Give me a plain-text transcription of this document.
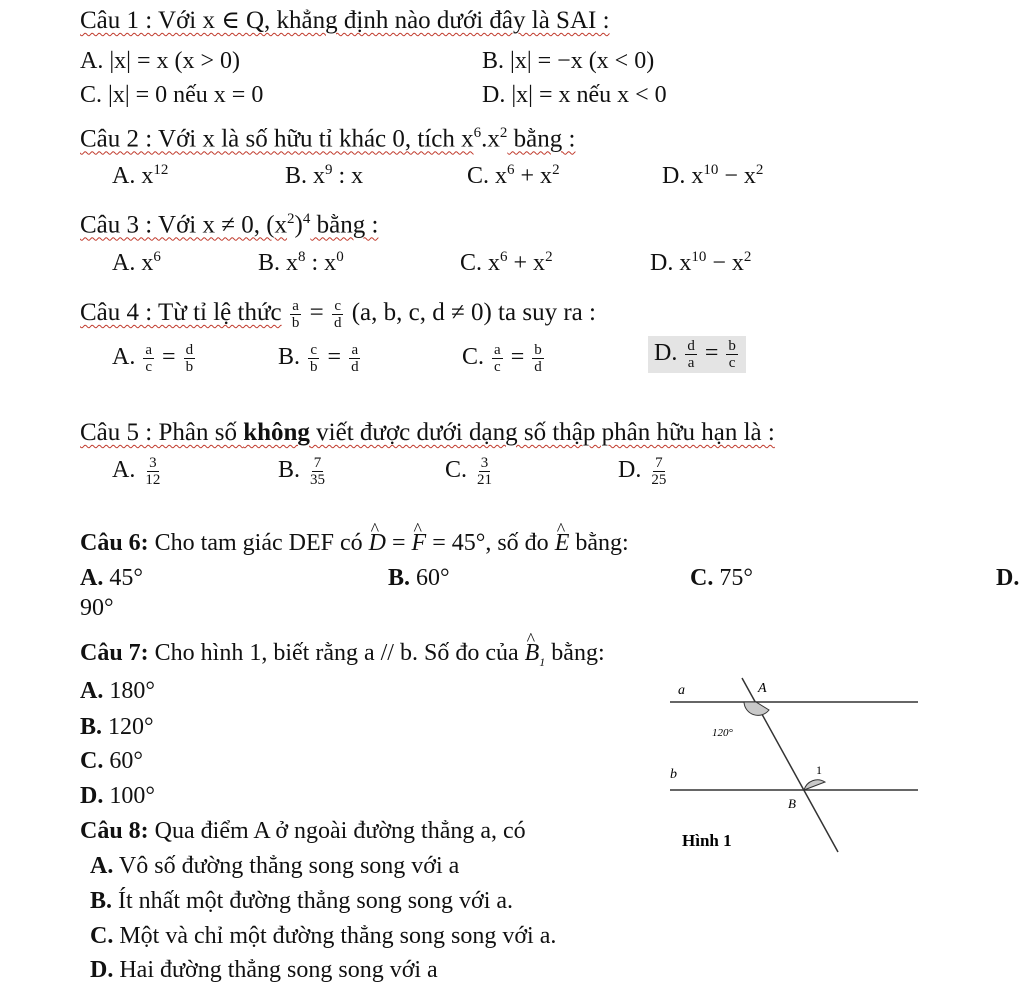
Câu 1 : Với x ∈ Q, khẳng định nào dưới đây là SAI :
A. |x| = x (x > 0)	B. |x| = −x (x < 0)
C. |x| = 0 nếu x = 0	D. |x| = x nếu x < 0
Câu 2 : Với x là số hữu tỉ khác 0, tích $x^6.x^2$ bằng :
A. $x^{12}$	B. $x^9$ : x	C. $x^6 + x^2$	D. $x^{10} - x^2$
Câu 3 : Với x ≠ 0, $(x^2)^4$ bằng :
A. $x^6$	B. $x^8$ : $x^0$	C. $x^6 + x^2$	D. $x^{10} - x^2$
Câu 4 : Từ tỉ lệ thức $\frac{a}{b} = \frac{c}{d} (a$, b, c, d ≠ 0) ta suy ra :
A. $\frac{a}{c} = \frac{d}{b}$	B. $\frac{c}{b} = \frac{a}{d}$	C. $\frac{a}{c} = \frac{b}{d}$	D. $\frac{d}{a} = \frac{b}{c}$
Câu 5 : Phân số không viết được dưới dạng số thập phân hữu hạn là :
A. $\frac{3}{12}$	B. $\frac{7}{35}$	C. $\frac{3}{21}$	D. $\frac{7}{25}$
Câu 6: Cho tam giác DEF có ^ D = ^ F = 45°, số đo ^ E bằng:
A. 45°	B. 60°	C. 75°	D.
90°
Câu 7: Cho hình 1, biết rằng a // b. Số đo của ^ $B_1$ bằng:
A. 180°
B. 120°
C. 60°
D. 100°
a	A
120°
b	1
B
Hình 1
Câu 8: Qua điểm A ở ngoài đường thẳng a, có
A. Vô số đường thẳng song song với a
B. Ít nhất một đường thẳng song song với a.
C. Một và chỉ một đường thẳng song song với a.
D. Hai đường thẳng song song với a
